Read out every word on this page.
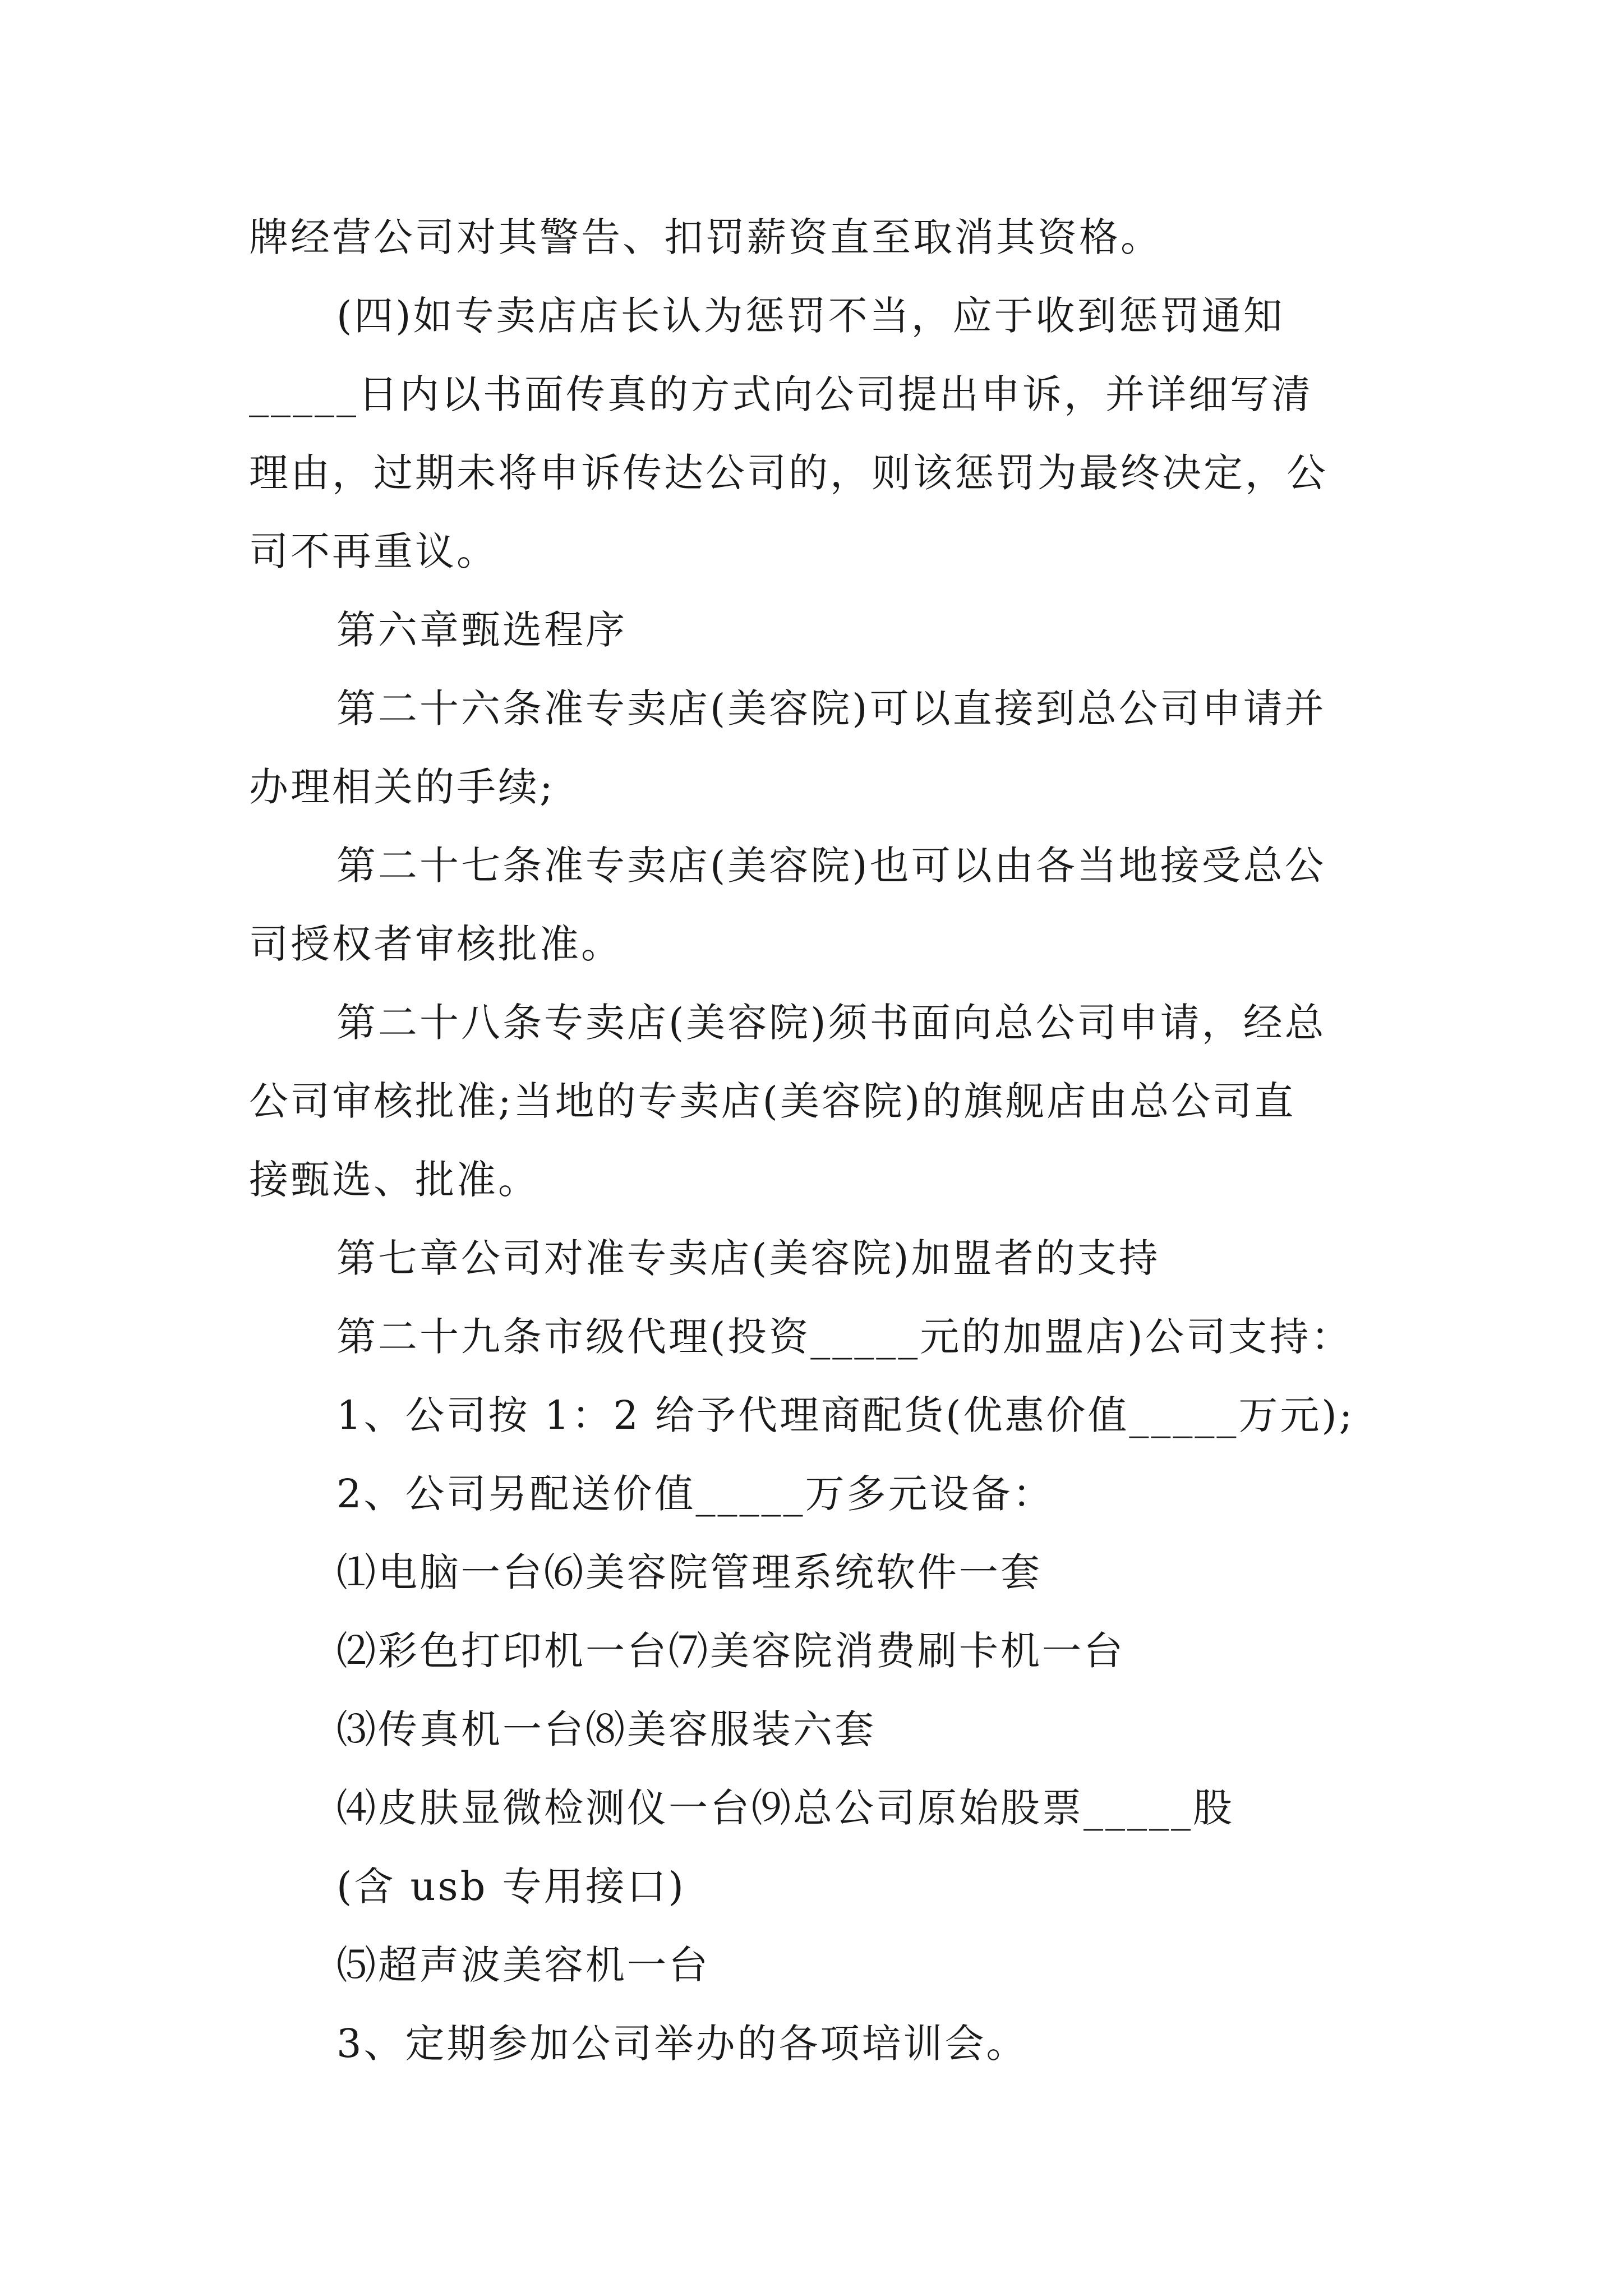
牌经营公司对其警告、扣罚薪资直至取消其资格。
(四)如专卖店店长认为惩罚不当，应于收到惩罚通知
_____日内以书面传真的方式向公司提出申诉，并详细写清
理由，过期未将申诉传达公司的，则该惩罚为最终决定，公
司不再重议。
第六章甄选程序
第二十六条准专卖店(美容院)可以直接到总公司申请并
办理相关的手续;
第二十七条准专卖店(美容院)也可以由各当地接受总公
司授权者审核批准。
第二十八条专卖店(美容院)须书面向总公司申请，经总
公司审核批准;当地的专卖店(美容院)的旗舰店由总公司直
接甄选、批准。
第七章公司对准专卖店(美容院)加盟者的支持
第二十九条市级代理(投资_____元的加盟店)公司支持：
1、公司按 1：2 给予代理商配货(优惠价值_____万元);
2、公司另配送价值_____万多元设备：
⑴电脑一台⑹美容院管理系统软件一套
⑵彩色打印机一台⑺美容院消费刷卡机一台
⑶传真机一台⑻美容服装六套
⑷皮肤显微检测仪一台⑼总公司原始股票_____股
(含 usb 专用接口)
⑸超声波美容机一台
3、定期参加公司举办的各项培训会。
